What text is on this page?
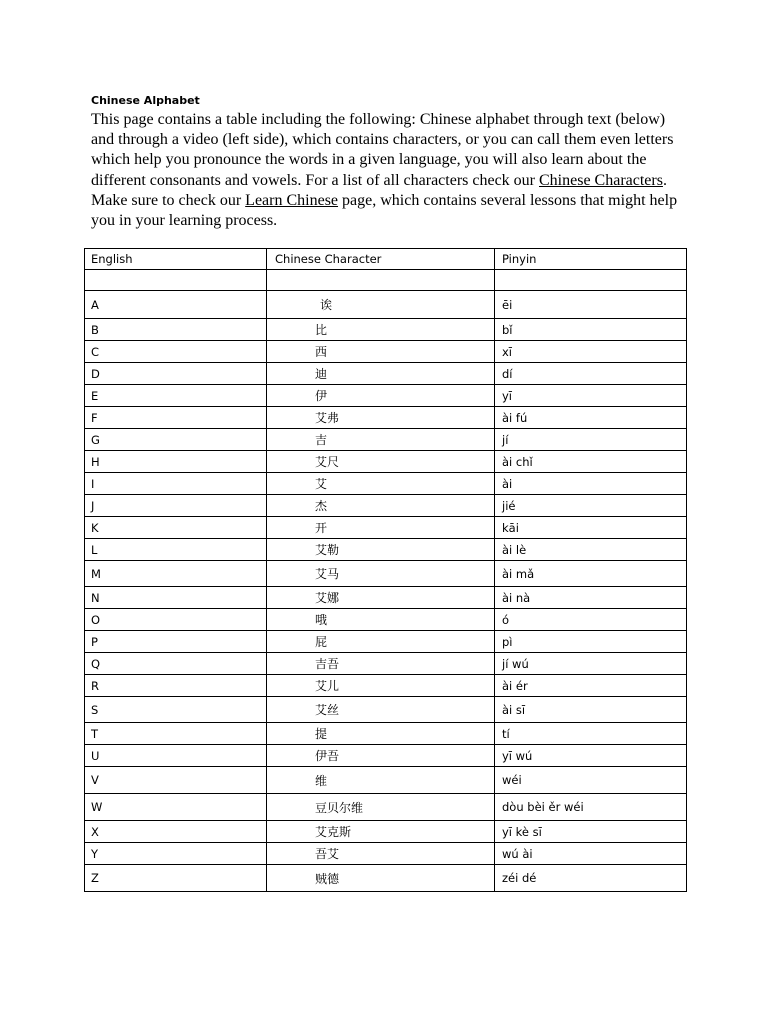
Chinese Alphabet
This page contains a table including the following: Chinese alphabet through text (below) and through a video (left side), which contains characters, or you can call them even letters which help you pronounce the words in a given language, you will also learn about the different consonants and vowels. For a list of all characters check our Chinese Characters. Make sure to check our Learn Chinese page, which contains several lessons that might help you in your learning process.
English	Chinese Character	Pinyin

A	诶	ēi
B	比	bǐ
C	西	xī
D	迪	dí
E	伊	yī
F	艾弗	ài fú
G	吉	jí
H	艾尺	ài chǐ
I	艾	ài
J	杰	jié
K	开	kāi
L	艾勒	ài lè
M	艾马	ài mǎ
N	艾娜	ài nà
O	哦	ó
P	屁	pì
Q	吉吾	jí wú
R	艾儿	ài ér
S	艾丝	ài sī
T	提	tí
U	伊吾	yī wú
V	维	wéi
W	豆贝尔维	dòu bèi ěr wéi
X	艾克斯	yī kè sī
Y	吾艾	wú ài
Z	贼德	zéi dé
